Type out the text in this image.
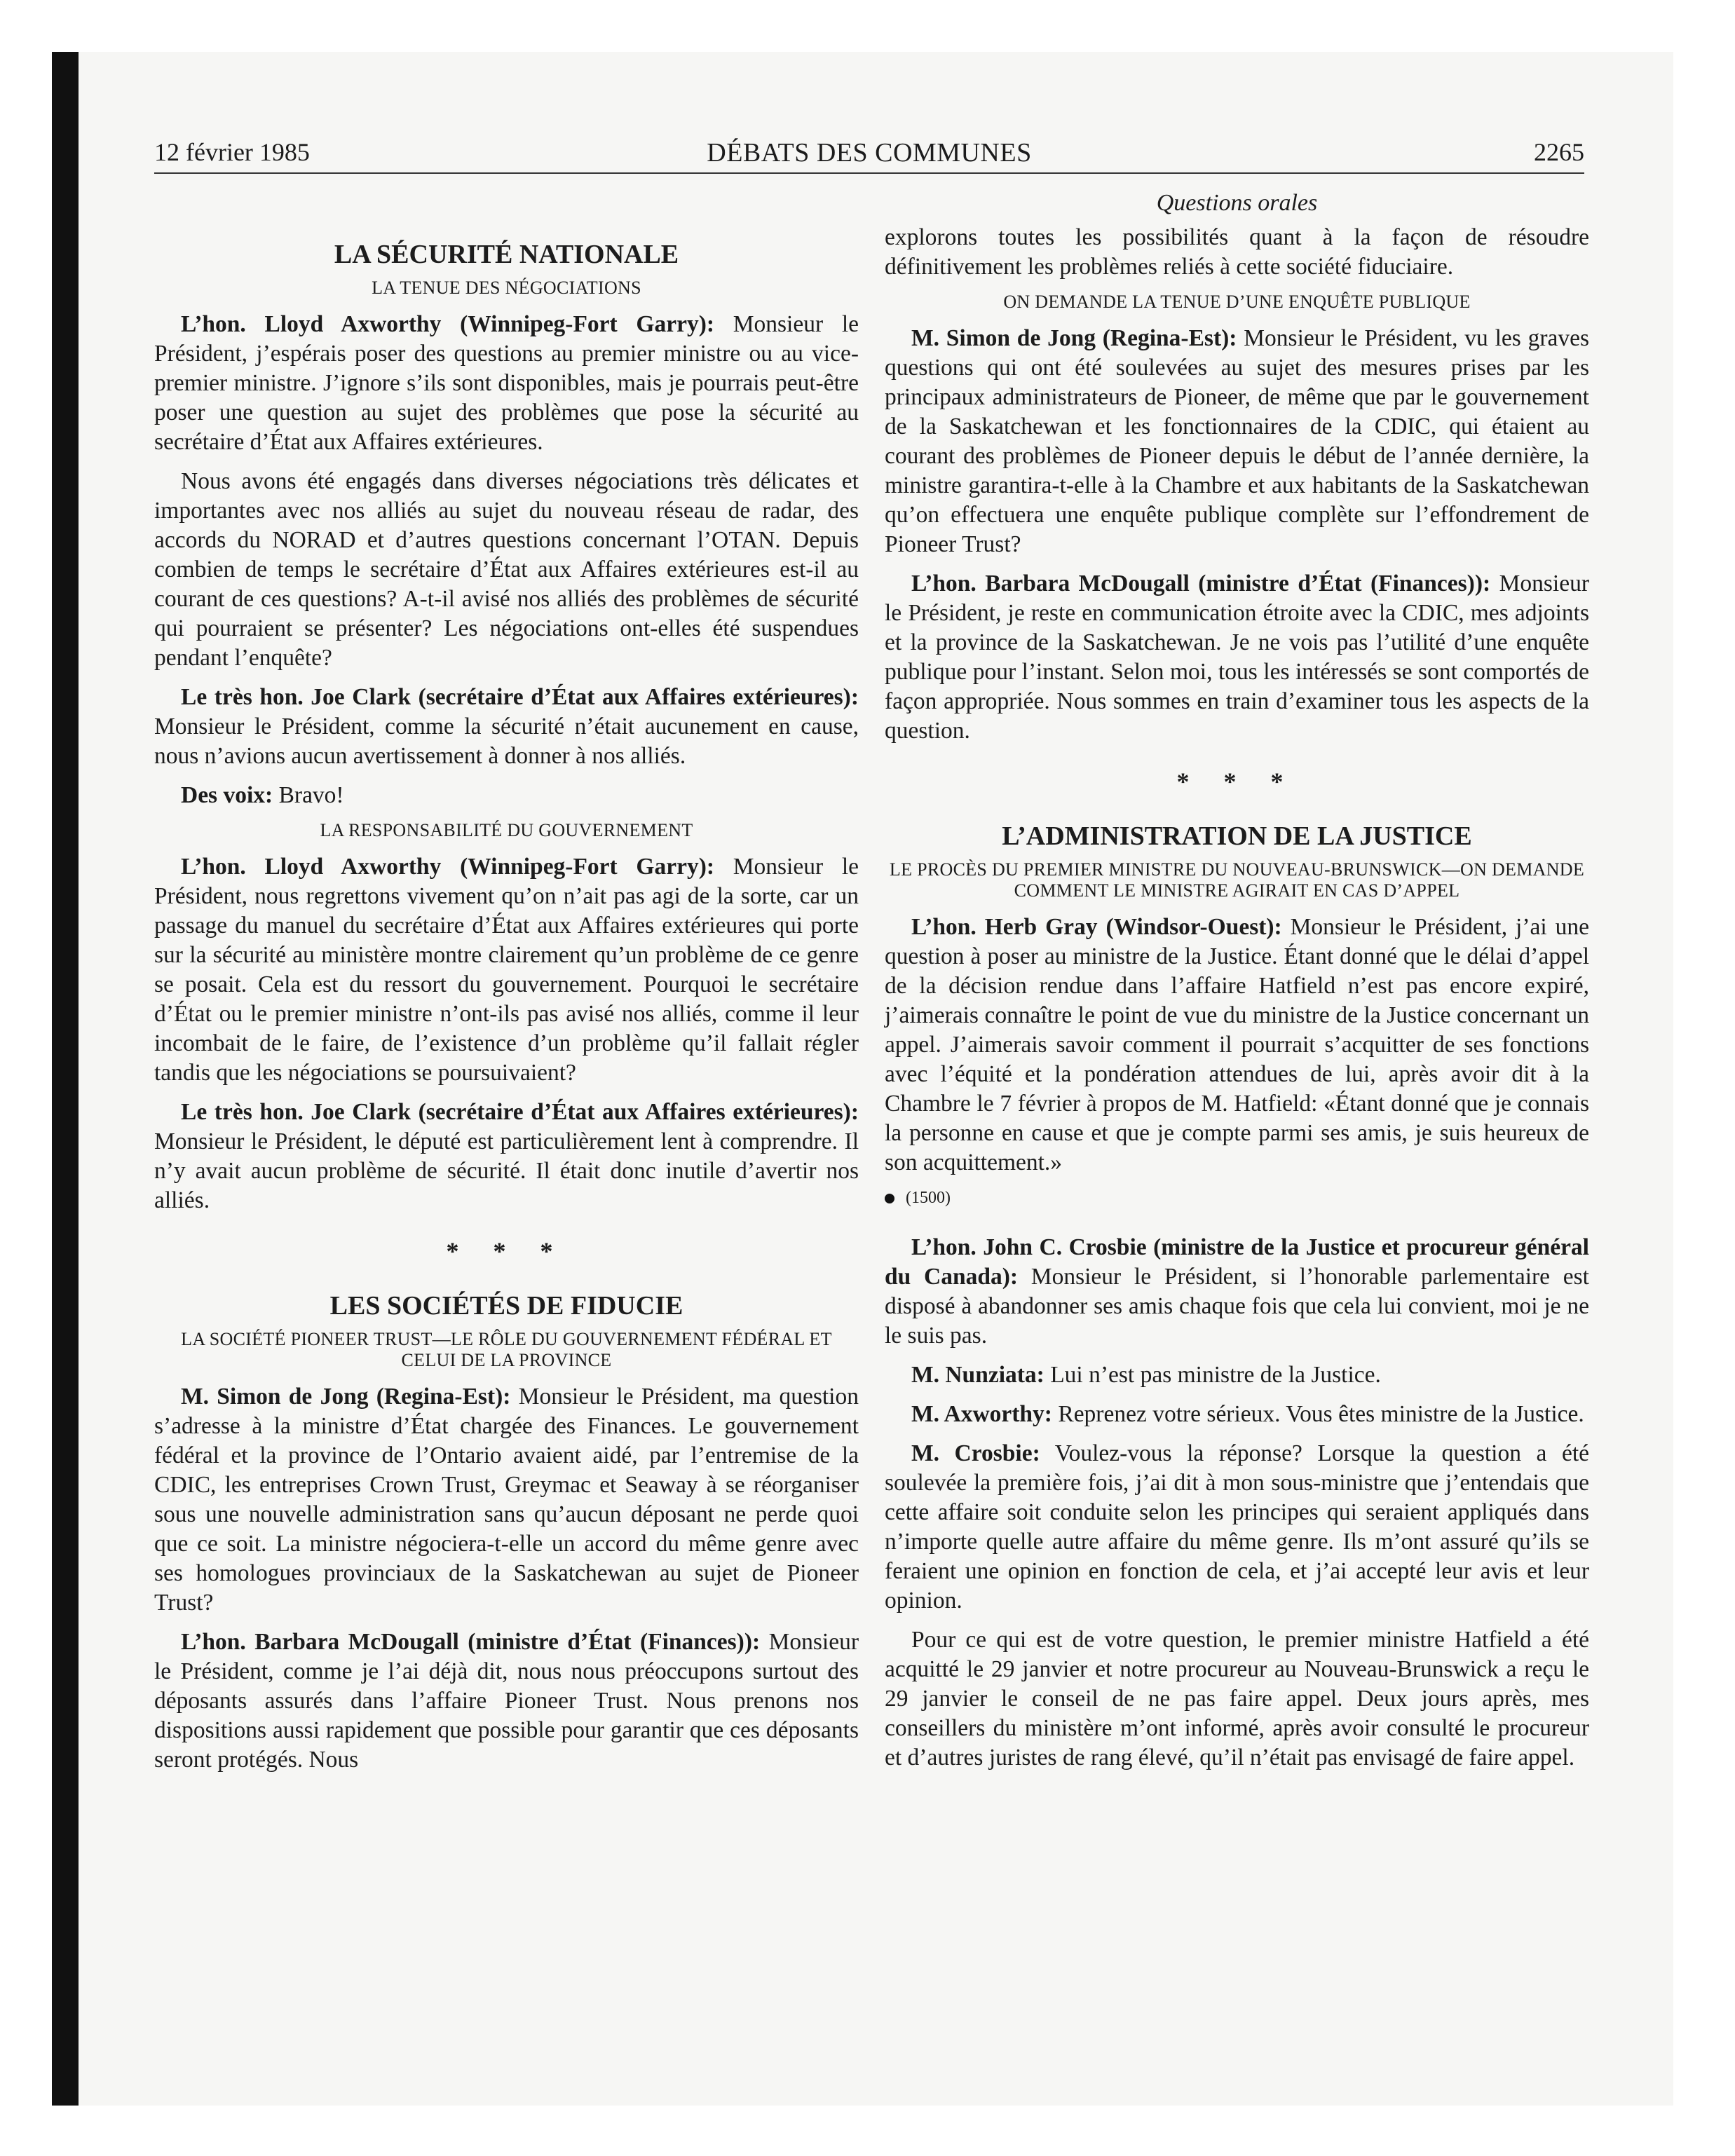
12 février 1985	DÉBATS DES COMMUNES	2265
LA SÉCURITÉ NATIONALE
LA TENUE DES NÉGOCIATIONS

L’hon. Lloyd Axworthy (Winnipeg-Fort Garry): Monsieur le Président, j’espérais poser des questions au premier ministre ou au vice-premier ministre. J’ignore s’ils sont disponibles, mais je pourrais peut-être poser une question au sujet des problèmes que pose la sécurité au secrétaire d’État aux Affaires extérieures.

Nous avons été engagés dans diverses négociations très délicates et importantes avec nos alliés au sujet du nouveau réseau de radar, des accords du NORAD et d’autres questions concernant l’OTAN. Depuis combien de temps le secrétaire d’État aux Affaires extérieures est-il au courant de ces questions? A-t-il avisé nos alliés des problèmes de sécurité qui pourraient se présenter? Les négociations ont-elles été suspendues pendant l’enquête?

Le très hon. Joe Clark (secrétaire d’État aux Affaires extérieures): Monsieur le Président, comme la sécurité n’était aucunement en cause, nous n’avions aucun avertissement à donner à nos alliés.

Des voix: Bravo!

LA RESPONSABILITÉ DU GOUVERNEMENT

L’hon. Lloyd Axworthy (Winnipeg-Fort Garry): Monsieur le Président, nous regrettons vivement qu’on n’ait pas agi de la sorte, car un passage du manuel du secrétaire d’État aux Affaires extérieures qui porte sur la sécurité au ministère montre clairement qu’un problème de ce genre se posait. Cela est du ressort du gouvernement. Pourquoi le secrétaire d’État ou le premier ministre n’ont-ils pas avisé nos alliés, comme il leur incombait de le faire, de l’existence d’un problème qu’il fallait régler tandis que les négociations se poursuivaient?

Le très hon. Joe Clark (secrétaire d’État aux Affaires extérieures): Monsieur le Président, le député est particulièrement lent à comprendre. Il n’y avait aucun problème de sécurité. Il était donc inutile d’avertir nos alliés.

* * *
LES SOCIÉTÉS DE FIDUCIE
LA SOCIÉTÉ PIONEER TRUST—LE RÔLE DU GOUVERNEMENT FÉDÉRAL ET CELUI DE LA PROVINCE

M. Simon de Jong (Regina-Est): Monsieur le Président, ma question s’adresse à la ministre d’État chargée des Finances. Le gouvernement fédéral et la province de l’Ontario avaient aidé, par l’entremise de la CDIC, les entreprises Crown Trust, Greymac et Seaway à se réorganiser sous une nouvelle administration sans qu’aucun déposant ne perde quoi que ce soit. La ministre négociera-t-elle un accord du même genre avec ses homologues provinciaux de la Saskatchewan au sujet de Pioneer Trust?

L’hon. Barbara McDougall (ministre d’État (Finances)): Monsieur le Président, comme je l’ai déjà dit, nous nous préoccupons surtout des déposants assurés dans l’affaire Pioneer Trust. Nous prenons nos dispositions aussi rapidement que possible pour garantir que ces déposants seront protégés. Nous

Questions orales

explorons toutes les possibilités quant à la façon de résoudre définitivement les problèmes reliés à cette société fiduciaire.

ON DEMANDE LA TENUE D’UNE ENQUÊTE PUBLIQUE

M. Simon de Jong (Regina-Est): Monsieur le Président, vu les graves questions qui ont été soulevées au sujet des mesures prises par les principaux administrateurs de Pioneer, de même que par le gouvernement de la Saskatchewan et les fonctionnaires de la CDIC, qui étaient au courant des problèmes de Pioneer depuis le début de l’année dernière, la ministre garantira-t-elle à la Chambre et aux habitants de la Saskatchewan qu’on effectuera une enquête publique complète sur l’effondrement de Pioneer Trust?

L’hon. Barbara McDougall (ministre d’État (Finances)): Monsieur le Président, je reste en communication étroite avec la CDIC, mes adjoints et la province de la Saskatchewan. Je ne vois pas l’utilité d’une enquête publique pour l’instant. Selon moi, tous les intéressés se sont comportés de façon appropriée. Nous sommes en train d’examiner tous les aspects de la question.

* * *
L’ADMINISTRATION DE LA JUSTICE
LE PROCÈS DU PREMIER MINISTRE DU NOUVEAU-BRUNSWICK—ON DEMANDE COMMENT LE MINISTRE AGIRAIT EN CAS D’APPEL

L’hon. Herb Gray (Windsor-Ouest): Monsieur le Président, j’ai une question à poser au ministre de la Justice. Étant donné que le délai d’appel de la décision rendue dans l’affaire Hatfield n’est pas encore expiré, j’aimerais connaître le point de vue du ministre de la Justice concernant un appel. J’aimerais savoir comment il pourrait s’acquitter de ses fonctions avec l’équité et la pondération attendues de lui, après avoir dit à la Chambre le 7 février à propos de M. Hatfield: «Étant donné que je connais la personne en cause et que je compte parmi ses amis, je suis heureux de son acquittement.»

(1500)

L’hon. John C. Crosbie (ministre de la Justice et procureur général du Canada): Monsieur le Président, si l’honorable parlementaire est disposé à abandonner ses amis chaque fois que cela lui convient, moi je ne le suis pas.

M. Nunziata: Lui n’est pas ministre de la Justice.

M. Axworthy: Reprenez votre sérieux. Vous êtes ministre de la Justice.

M. Crosbie: Voulez-vous la réponse? Lorsque la question a été soulevée la première fois, j’ai dit à mon sous-ministre que j’entendais que cette affaire soit conduite selon les principes qui seraient appliqués dans n’importe quelle autre affaire du même genre. Ils m’ont assuré qu’ils se feraient une opinion en fonction de cela, et j’ai accepté leur avis et leur opinion.

Pour ce qui est de votre question, le premier ministre Hatfield a été acquitté le 29 janvier et notre procureur au Nouveau-Brunswick a reçu le 29 janvier le conseil de ne pas faire appel. Deux jours après, mes conseillers du ministère m’ont informé, après avoir consulté le procureur et d’autres juristes de rang élevé, qu’il n’était pas envisagé de faire appel.
